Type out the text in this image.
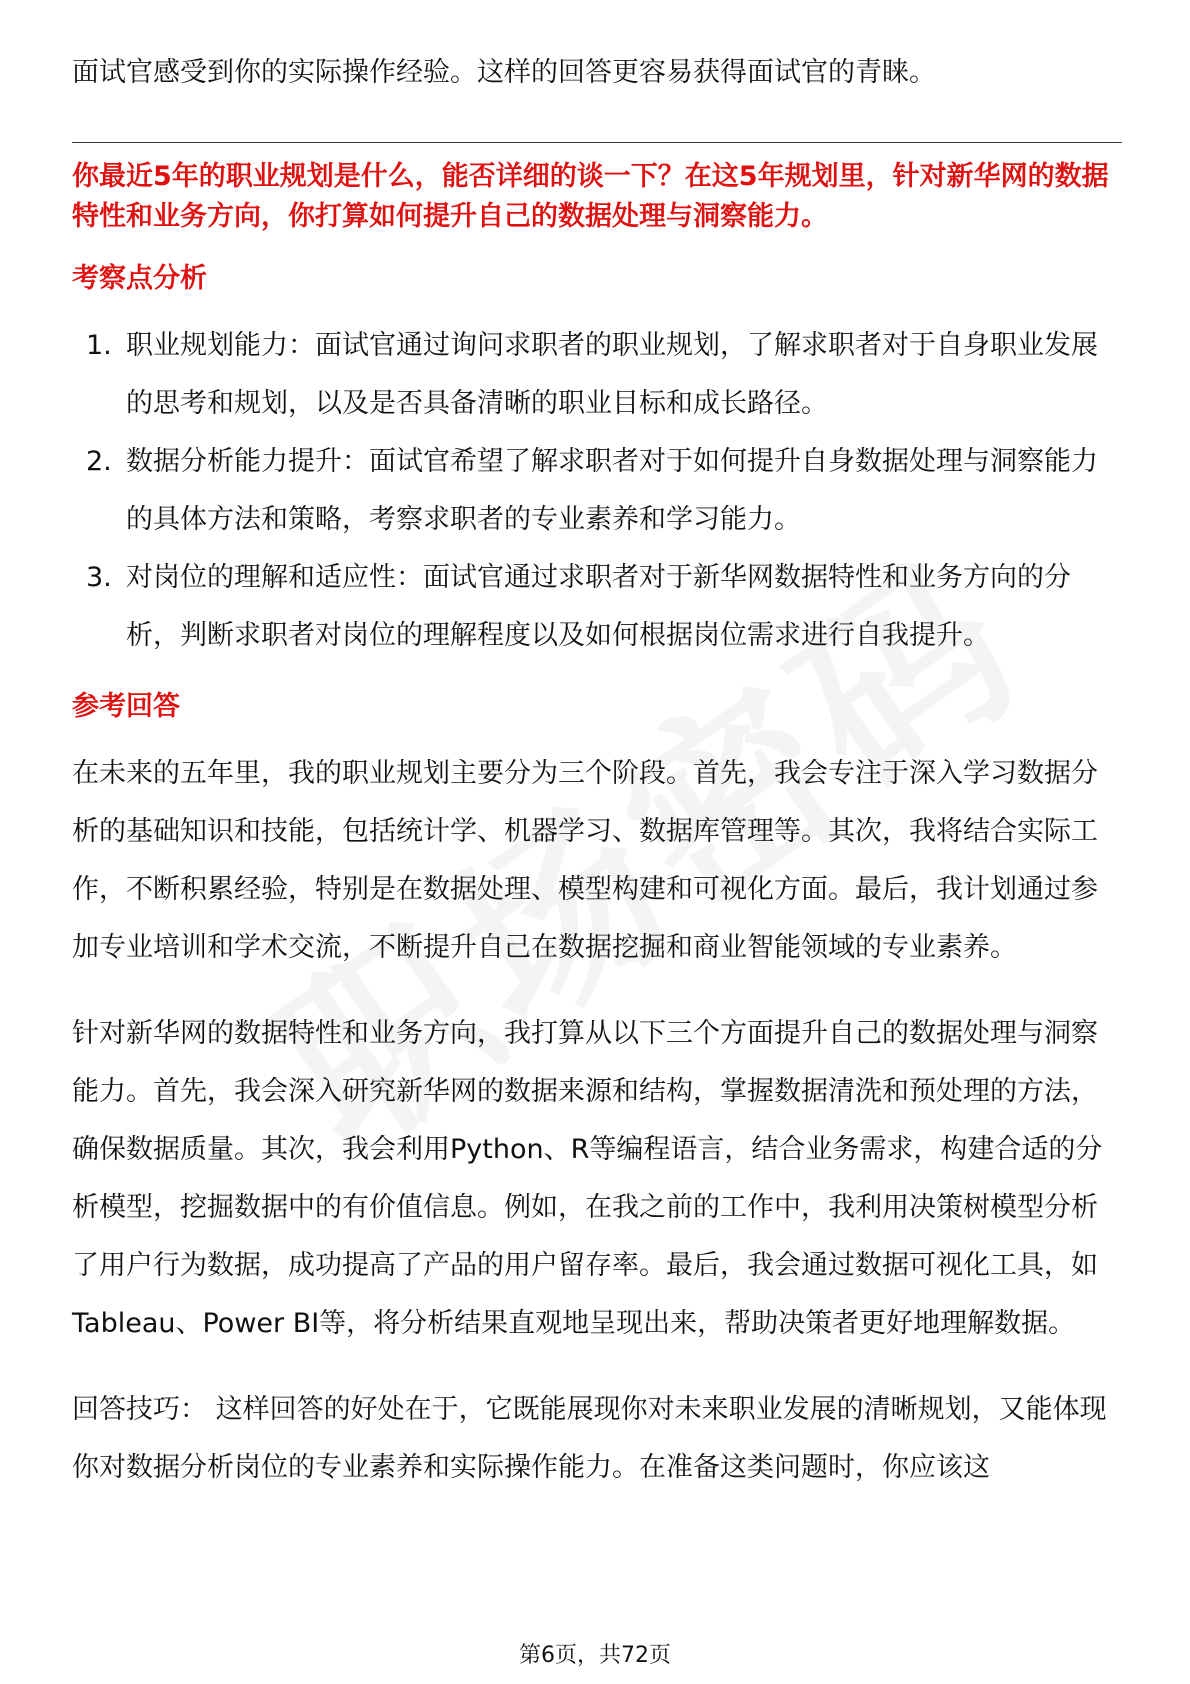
面试官感受到你的实际操作经验。这样的回答更容易获得面试官的青睐。

你最近5年的职业规划是什么，能否详细的谈一下？在这5年规划里，针对新华网的数据特性和业务方向，你打算如何提升自己的数据处理与洞察能力。

考察点分析
1. 职业规划能力：面试官通过询问求职者的职业规划，了解求职者对于自身职业发展的思考和规划，以及是否具备清晰的职业目标和成长路径。
2. 数据分析能力提升：面试官希望了解求职者对于如何提升自身数据处理与洞察能力的具体方法和策略，考察求职者的专业素养和学习能力。
3. 对岗位的理解和适应性：面试官通过求职者对于新华网数据特性和业务方向的分析，判断求职者对岗位的理解程度以及如何根据岗位需求进行自我提升。
参考回答

在未来的五年里，我的职业规划主要分为三个阶段。首先，我会专注于深入学习数据分析的基础知识和技能，包括统计学、机器学习、数据库管理等。其次，我将结合实际工作，不断积累经验，特别是在数据处理、模型构建和可视化方面。最后，我计划通过参加专业培训和学术交流，不断提升自己在数据挖掘和商业智能领域的专业素养。

针对新华网的数据特性和业务方向，我打算从以下三个方面提升自己的数据处理与洞察能力。首先，我会深入研究新华网的数据来源和结构，掌握数据清洗和预处理的方法，确保数据质量。其次，我会利用Python、R等编程语言，结合业务需求，构建合适的分析模型，挖掘数据中的有价值信息。例如，在我之前的工作中，我利用决策树模型分析了用户行为数据，成功提高了产品的用户留存率。最后，我会通过数据可视化工具，如Tableau、Power BI等，将分析结果直观地呈现出来，帮助决策者更好地理解数据。

回答技巧： 这样回答的好处在于，它既能展现你对未来职业发展的清晰规划，又能体现你对数据分析岗位的专业素养和实际操作能力。在准备这类问题时，你应该这

第6页，共72页
